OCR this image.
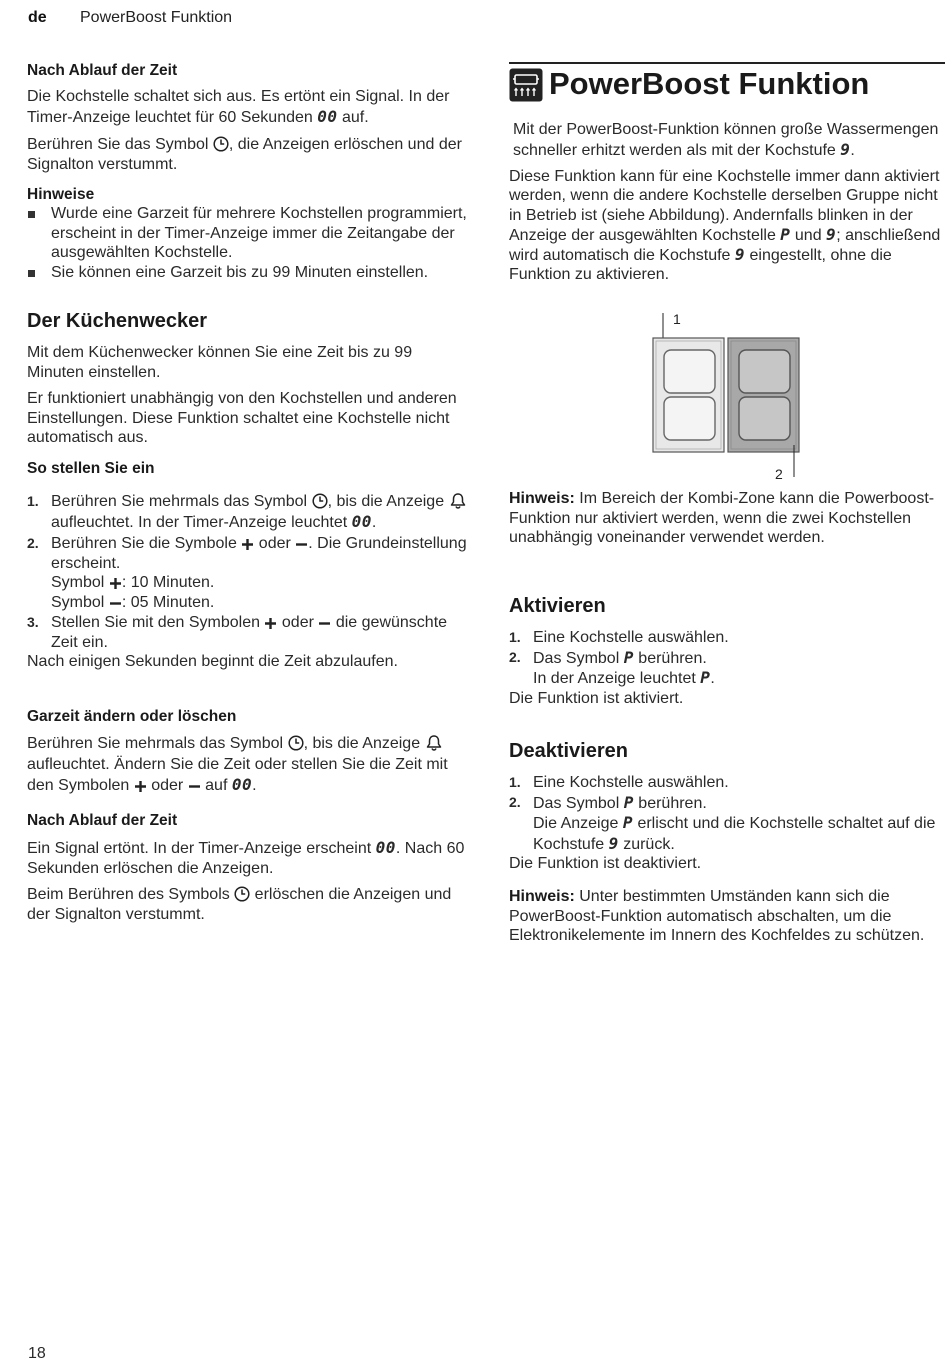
de PowerBoost Funktion
Nach Ablauf der Zeit

Die Kochstelle schaltet sich aus. Es ertönt ein Signal. In der Timer-Anzeige leuchtet für 60 Sekunden 00 auf.

Berühren Sie das Symbol , die Anzeigen erlöschen und der Signalton verstummt.

Hinweise
Wurde eine Garzeit für mehrere Kochstellen programmiert, erscheint in der Timer-Anzeige immer die Zeitangabe der ausgewählten Kochstelle.
Sie können eine Garzeit bis zu 99 Minuten einstellen.
Der Küchenwecker

Mit dem Küchenwecker können Sie eine Zeit bis zu 99 Minuten einstellen.

Er funktioniert unabhängig von den Kochstellen und anderen Einstellungen. Diese Funktion schaltet eine Kochstelle nicht automatisch aus.

So stellen Sie ein
1. Berühren Sie mehrmals das Symbol , bis die Anzeige  aufleuchtet. In der Timer-Anzeige leuchtet 00.
2. Berühren Sie die Symbole oder . Die Grundeinstellung erscheint.
Symbol : 10 Minuten.
Symbol : 05 Minuten.
3. Stellen Sie mit den Symbolen oder die gewünschte Zeit ein.

Nach einigen Sekunden beginnt die Zeit abzulaufen.

Garzeit ändern oder löschen

Berühren Sie mehrmals das Symbol , bis die Anzeige  aufleuchtet. Ändern Sie die Zeit oder stellen Sie die Zeit mit den Symbolen oder auf 00.

Nach Ablauf der Zeit

Ein Signal ertönt. In der Timer-Anzeige erscheint 00. Nach 60 Sekunden erlöschen die Anzeigen.

Beim Berühren des Symbols erlöschen die Anzeigen und der Signalton verstummt.

PowerBoost Funktion

Mit der PowerBoost-Funktion können große Wassermengen schneller erhitzt werden als mit der Kochstufe 9.

Diese Funktion kann für eine Kochstelle immer dann aktiviert werden, wenn die andere Kochstelle derselben Gruppe nicht in Betrieb ist (siehe Abbildung). Andernfalls blinken in der Anzeige der ausgewählten Kochstelle P und 9; anschließend wird automatisch die Kochstufe 9 eingestellt, ohne die Funktion zu aktivieren.

1
2

Hinweis: Im Bereich der Kombi-Zone kann die Powerboost-Funktion nur aktiviert werden, wenn die zwei Kochstellen unabhängig voneinander verwendet werden.

Aktivieren
1. Eine Kochstelle auswählen.
2. Das Symbol P berühren.
In der Anzeige leuchtet P.

Die Funktion ist aktiviert.

Deaktivieren
1. Eine Kochstelle auswählen.
2. Das Symbol P berühren.
Die Anzeige P erlischt und die Kochstelle schaltet auf die Kochstufe 9 zurück.

Die Funktion ist deaktiviert.

Hinweis: Unter bestimmten Umständen kann sich die PowerBoost-Funktion automatisch abschalten, um die Elektronikelemente im Innern des Kochfeldes zu schützen.

18
